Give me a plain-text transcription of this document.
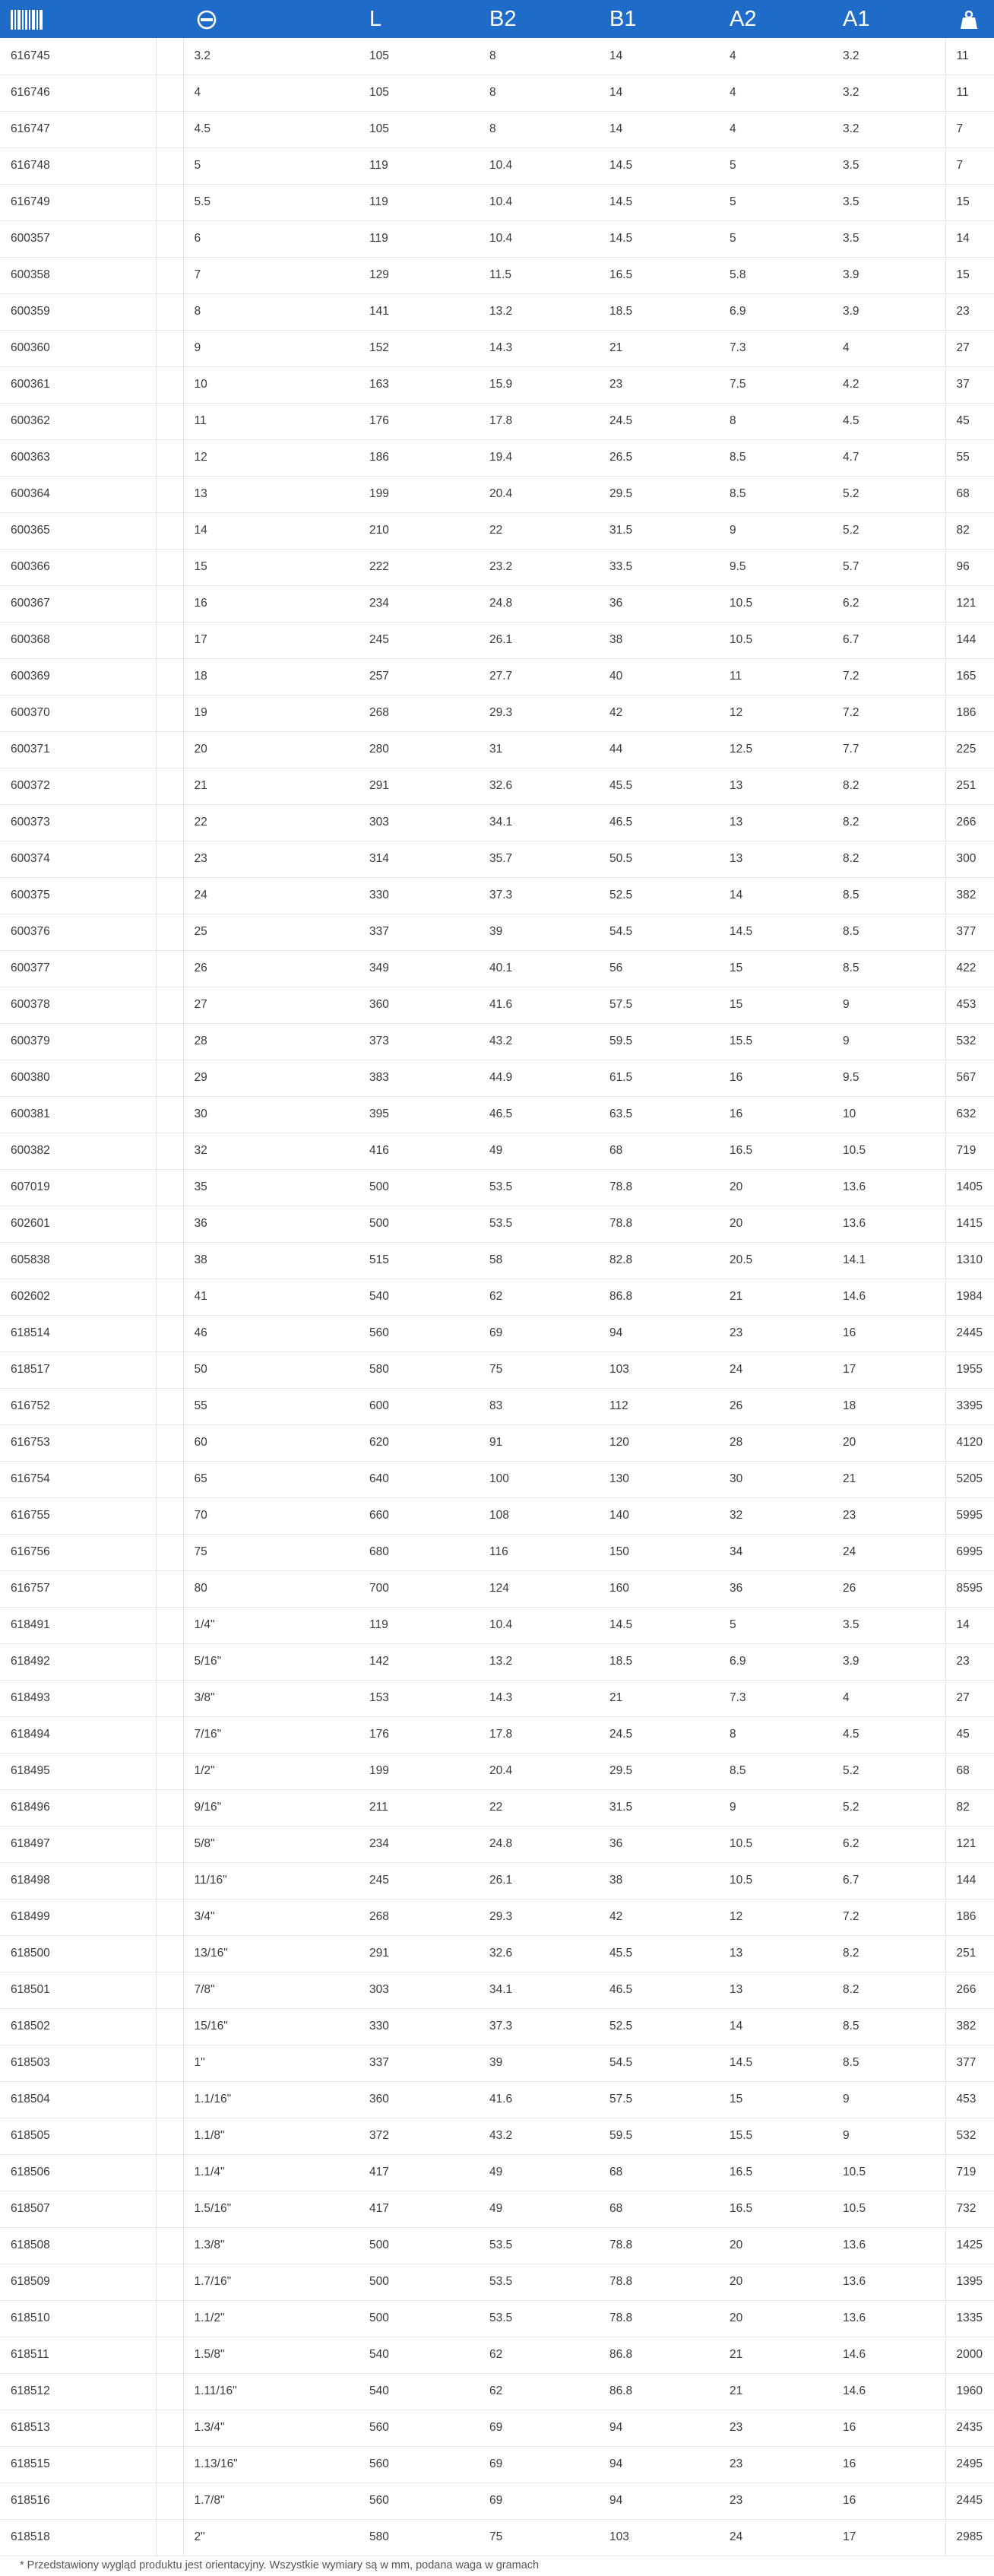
			L	B2	B1	A2	A1	
616745		3.2	105	8	14	4	3.2	11
616746		4	105	8	14	4	3.2	11
616747		4.5	105	8	14	4	3.2	7
616748		5	119	10.4	14.5	5	3.5	7
616749		5.5	119	10.4	14.5	5	3.5	15
600357		6	119	10.4	14.5	5	3.5	14
600358		7	129	11.5	16.5	5.8	3.9	15
600359		8	141	13.2	18.5	6.9	3.9	23
600360		9	152	14.3	21	7.3	4	27
600361		10	163	15.9	23	7.5	4.2	37
600362		11	176	17.8	24.5	8	4.5	45
600363		12	186	19.4	26.5	8.5	4.7	55
600364		13	199	20.4	29.5	8.5	5.2	68
600365		14	210	22	31.5	9	5.2	82
600366		15	222	23.2	33.5	9.5	5.7	96
600367		16	234	24.8	36	10.5	6.2	121
600368		17	245	26.1	38	10.5	6.7	144
600369		18	257	27.7	40	11	7.2	165
600370		19	268	29.3	42	12	7.2	186
600371		20	280	31	44	12.5	7.7	225
600372		21	291	32.6	45.5	13	8.2	251
600373		22	303	34.1	46.5	13	8.2	266
600374		23	314	35.7	50.5	13	8.2	300
600375		24	330	37.3	52.5	14	8.5	382
600376		25	337	39	54.5	14.5	8.5	377
600377		26	349	40.1	56	15	8.5	422
600378		27	360	41.6	57.5	15	9	453
600379		28	373	43.2	59.5	15.5	9	532
600380		29	383	44.9	61.5	16	9.5	567
600381		30	395	46.5	63.5	16	10	632
600382		32	416	49	68	16.5	10.5	719
607019		35	500	53.5	78.8	20	13.6	1405
602601		36	500	53.5	78.8	20	13.6	1415
605838		38	515	58	82.8	20.5	14.1	1310
602602		41	540	62	86.8	21	14.6	1984
618514		46	560	69	94	23	16	2445
618517		50	580	75	103	24	17	1955
616752		55	600	83	112	26	18	3395
616753		60	620	91	120	28	20	4120
616754		65	640	100	130	30	21	5205
616755		70	660	108	140	32	23	5995
616756		75	680	116	150	34	24	6995
616757		80	700	124	160	36	26	8595
618491		1/4"	119	10.4	14.5	5	3.5	14
618492		5/16"	142	13.2	18.5	6.9	3.9	23
618493		3/8"	153	14.3	21	7.3	4	27
618494		7/16"	176	17.8	24.5	8	4.5	45
618495		1/2"	199	20.4	29.5	8.5	5.2	68
618496		9/16"	211	22	31.5	9	5.2	82
618497		5/8"	234	24.8	36	10.5	6.2	121
618498		11/16"	245	26.1	38	10.5	6.7	144
618499		3/4"	268	29.3	42	12	7.2	186
618500		13/16"	291	32.6	45.5	13	8.2	251
618501		7/8"	303	34.1	46.5	13	8.2	266
618502		15/16"	330	37.3	52.5	14	8.5	382
618503		1"	337	39	54.5	14.5	8.5	377
618504		1.1/16"	360	41.6	57.5	15	9	453
618505		1.1/8"	372	43.2	59.5	15.5	9	532
618506		1.1/4"	417	49	68	16.5	10.5	719
618507		1.5/16"	417	49	68	16.5	10.5	732
618508		1.3/8"	500	53.5	78.8	20	13.6	1425
618509		1.7/16"	500	53.5	78.8	20	13.6	1395
618510		1.1/2"	500	53.5	78.8	20	13.6	1335
618511		1.5/8"	540	62	86.8	21	14.6	2000
618512		1.11/16"	540	62	86.8	21	14.6	1960
618513		1.3/4"	560	69	94	23	16	2435
618515		1.13/16"	560	69	94	23	16	2495
618516		1.7/8"	560	69	94	23	16	2445
618518		2"	580	75	103	24	17	2985
* Przedstawiony wygląd produktu jest orientacyjny. Wszystkie wymiary są w mm, podana waga w gramach
